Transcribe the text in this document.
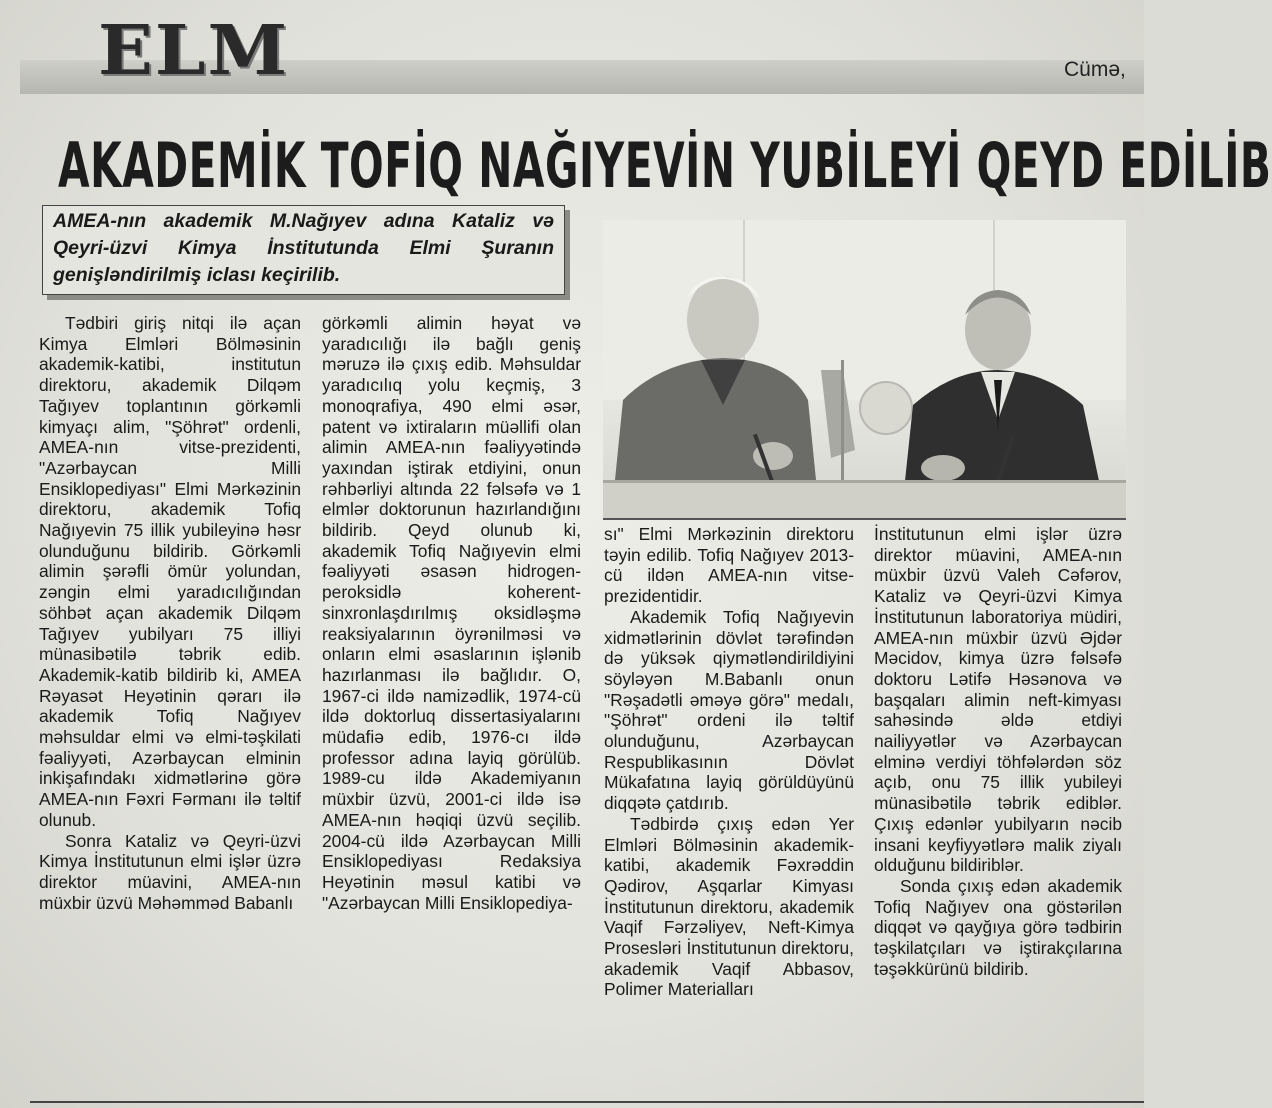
ELM	Cümə,
AKADEMİK TOFİQ NAĞIYEVİN YUBİLEYİ QEYD EDİLİB

AMEA-nın akademik M.Nağıyev adına Kataliz və Qeyri-üzvi Kimya İnstitutunda Elmi Şuranın genişləndirilmiş iclası keçirilib.

Tədbiri giriş nitqi ilə açan Kimya Elmləri Bölməsinin akademik-katibi, institutun direktoru, akademik Dilqəm Tağıyev toplantının görkəmli kimyaçı alim, "Şöhrət" ordenli, AMEA-nın vitse-prezidenti, "Azərbaycan Milli Ensiklopediyası" Elmi Mərkəzinin direktoru, akademik Tofiq Nağıyevin 75 illik yubileyinə həsr olunduğunu bildirib. Görkəmli alimin şərəfli ömür yolundan, zəngin elmi yaradıcılığından söhbət açan akademik Dilqəm Tağıyev yubilyarı 75 illiyi münasibətilə təbrik edib. Akademik-katib bildirib ki, AMEA Rəyasət Heyətinin qərarı ilə akademik Tofiq Nağıyev məhsuldar elmi və elmi-təşkilati fəaliyyəti, Azərbaycan elminin inkişafındakı xidmətlərinə görə AMEA-nın Fəxri Fərmanı ilə təltif olunub.

Sonra Kataliz və Qeyri-üzvi Kimya İnstitutunun elmi işlər üzrə direktor müavini, AMEA-nın müxbir üzvü Məhəmməd Babanlı

görkəmli alimin həyat və yaradıcılığı ilə bağlı geniş məruzə ilə çıxış edib. Məhsuldar yaradıcılıq yolu keçmiş, 3 monoqrafiya, 490 elmi əsər, patent və ixtiraların müəllifi olan alimin AMEA-nın fəaliyyətində yaxından iştirak etdiyini, onun rəhbərliyi altında 22 fəlsəfə və 1 elmlər doktorunun hazırlandığını bildirib. Qeyd olunub ki, akademik Tofiq Nağıyevin elmi fəaliyyəti əsasən hidrogen-peroksidlə koherent-sinxronlaşdırılmış oksidləşmə reaksiyalarının öyrənilməsi və onların elmi əsaslarının işlənib hazırlanması ilə bağlıdır. O, 1967-ci ildə namizədlik, 1974-cü ildə doktorluq dissertasiyalarını müdafiə edib, 1976-cı ildə professor adına layiq görülüb. 1989-cu ildə Akademiyanın müxbir üzvü, 2001-ci ildə isə AMEA-nın həqiqi üzvü seçilib. 2004-cü ildə Azərbaycan Milli Ensiklopediyası Redaksiya Heyətinin məsul katibi və "Azərbaycan Milli Ensiklopediya-

sı" Elmi Mərkəzinin direktoru təyin edilib. Tofiq Nağıyev 2013-cü ildən AMEA-nın vitse-prezidentidir.

Akademik Tofiq Nağıyevin xidmətlərinin dövlət tərəfindən də yüksək qiymətləndirildiyini söyləyən M.Babanlı onun "Rəşadətli əməyə görə" medalı, "Şöhrət" ordeni ilə təltif olunduğunu, Azərbaycan Respublikasının Dövlət Mükafatına layiq görüldüyünü diqqətə çatdırıb.

Tədbirdə çıxış edən Yer Elmləri Bölməsinin akademik-katibi, akademik Fəxrəddin Qədirov, Aşqarlar Kimyası İnstitutunun direktoru, akademik Vaqif Fərzəliyev, Neft-Kimya Prosesləri İnstitutunun direktoru, akademik Vaqif Abbasov, Polimer Materialları

İnstitutunun elmi işlər üzrə direktor müavini, AMEA-nın müxbir üzvü Valeh Cəfərov, Kataliz və Qeyri-üzvi Kimya İnstitutunun laboratoriya müdiri, AMEA-nın müxbir üzvü Əjdər Məcidov, kimya üzrə fəlsəfə doktoru Lətifə Həsənova və başqaları alimin neft-kimyası sahəsində əldə etdiyi nailiyyətlər və Azərbaycan elminə verdiyi töhfələrdən söz açıb, onu 75 illik yubileyi münasibətilə təbrik ediblər. Çıxış edənlər yubilyarın nəcib insani keyfiyyətlərə malik ziyalı olduğunu bildiriblər.

Sonda çıxış edən akademik Tofiq Nağıyev ona göstərilən diqqət və qayğıya görə tədbirin təşkilatçıları və iştirakçılarına təşəkkürünü bildirib.
